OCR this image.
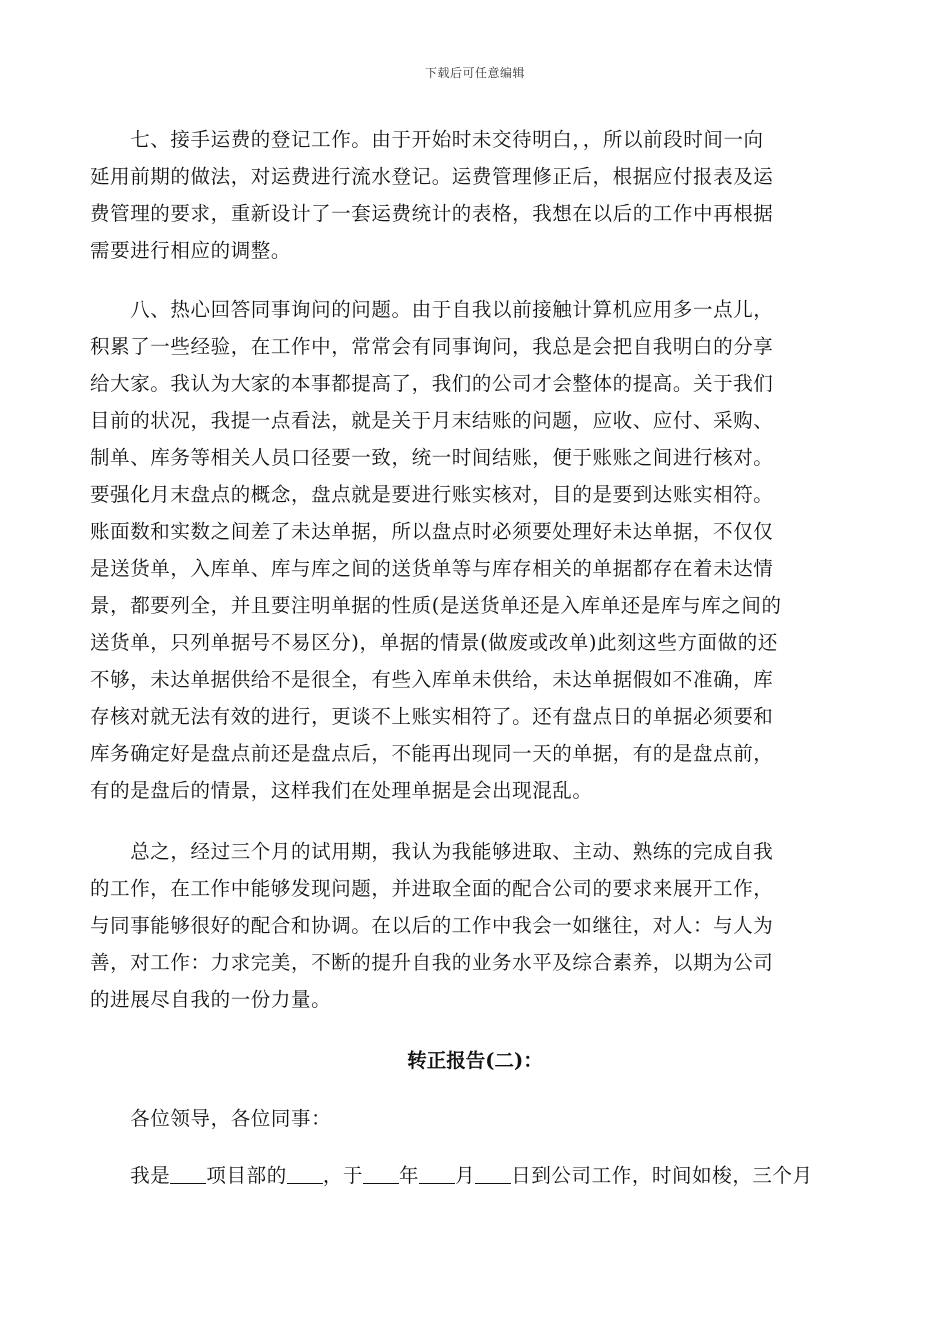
下载后可任意编辑
　　七、接手运费的登记工作。由于开始时未交待明白，，所以前段时间一向
延用前期的做法，对运费进行流水登记。运费管理修正后，根据应付报表及运
费管理的要求，重新设计了一套运费统计的表格，我想在以后的工作中再根据
需要进行相应的调整。
　　八、热心回答同事询问的问题。由于自我以前接触计算机应用多一点儿，
积累了一些经验，在工作中，常常会有同事询问，我总是会把自我明白的分享
给大家。我认为大家的本事都提高了，我们的公司才会整体的提高。关于我们
目前的状况，我提一点看法，就是关于月末结账的问题，应收、应付、采购、
制单、库务等相关人员口径要一致，统一时间结账，便于账账之间进行核对。
要强化月末盘点的概念，盘点就是要进行账实核对，目的是要到达账实相符。
账面数和实数之间差了未达单据，所以盘点时必须要处理好未达单据，不仅仅
是送货单，入库单、库与库之间的送货单等与库存相关的单据都存在着未达情
景，都要列全，并且要注明单据的性质(是送货单还是入库单还是库与库之间的
送货单，只列单据号不易区分)，单据的情景(做废或改单)此刻这些方面做的还
不够，未达单据供给不是很全，有些入库单未供给，未达单据假如不准确，库
存核对就无法有效的进行，更谈不上账实相符了。还有盘点日的单据必须要和
库务确定好是盘点前还是盘点后，不能再出现同一天的单据，有的是盘点前，
有的是盘后的情景，这样我们在处理单据是会出现混乱。
　　总之，经过三个月的试用期，我认为我能够进取、主动、熟练的完成自我
的工作，在工作中能够发现问题，并进取全面的配合公司的要求来展开工作，
与同事能够很好的配合和协调。在以后的工作中我会一如继往，对人：与人为
善，对工作：力求完美，不断的提升自我的业务水平及综合素养，以期为公司
的进展尽自我的一份力量。
转正报告(二)：
　　各位领导，各位同事：
　　我是 项目部的 ，于 年 月 日到公司工作，时间如梭，三个月
